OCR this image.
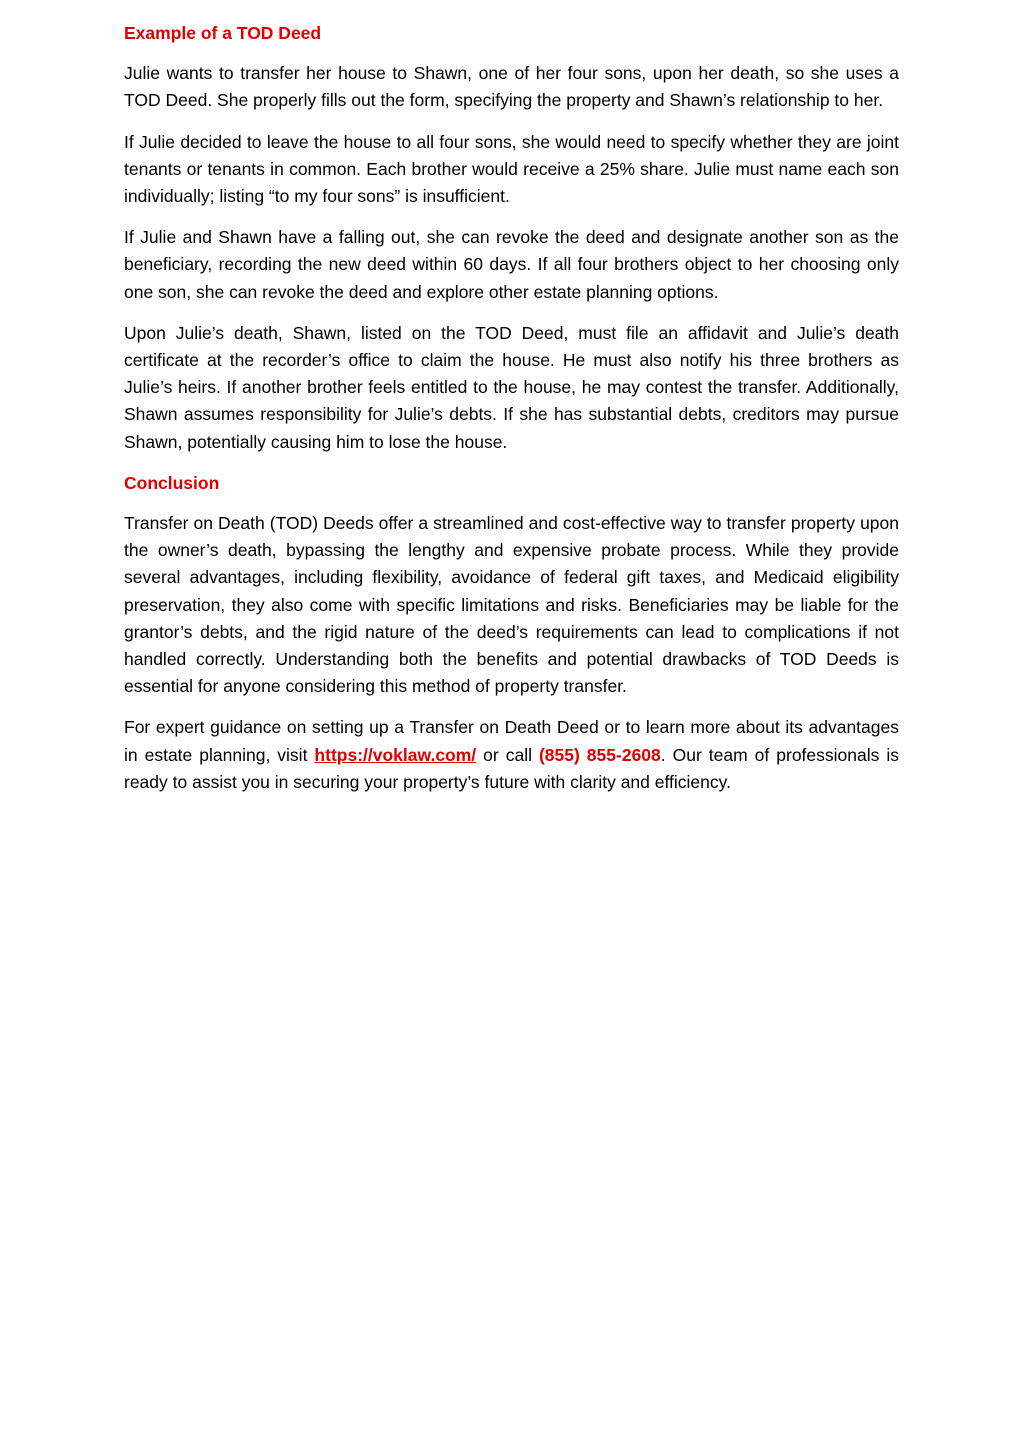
Example of a TOD Deed

Julie wants to transfer her house to Shawn, one of her four sons, upon her death, so she uses a TOD Deed. She properly fills out the form, specifying the property and Shawn’s relationship to her.

If Julie decided to leave the house to all four sons, she would need to specify whether they are joint tenants or tenants in common. Each brother would receive a 25% share. Julie must name each son individually; listing “to my four sons” is insufficient.

If Julie and Shawn have a falling out, she can revoke the deed and designate another son as the beneficiary, recording the new deed within 60 days. If all four brothers object to her choosing only one son, she can revoke the deed and explore other estate planning options.

Upon Julie’s death, Shawn, listed on the TOD Deed, must file an affidavit and Julie’s death certificate at the recorder’s office to claim the house. He must also notify his three brothers as Julie’s heirs. If another brother feels entitled to the house, he may contest the transfer. Additionally, Shawn assumes responsibility for Julie’s debts. If she has substantial debts, creditors may pursue Shawn, potentially causing him to lose the house.

Conclusion

Transfer on Death (TOD) Deeds offer a streamlined and cost-effective way to transfer property upon the owner’s death, bypassing the lengthy and expensive probate process. While they provide several advantages, including flexibility, avoidance of federal gift taxes, and Medicaid eligibility preservation, they also come with specific limitations and risks. Beneficiaries may be liable for the grantor’s debts, and the rigid nature of the deed’s requirements can lead to complications if not handled correctly. Understanding both the benefits and potential drawbacks of TOD Deeds is essential for anyone considering this method of property transfer.

For expert guidance on setting up a Transfer on Death Deed or to learn more about its advantages in estate planning, visit https://voklaw.com/ or call (855) 855-2608. Our team of professionals is ready to assist you in securing your property’s future with clarity and efficiency.
